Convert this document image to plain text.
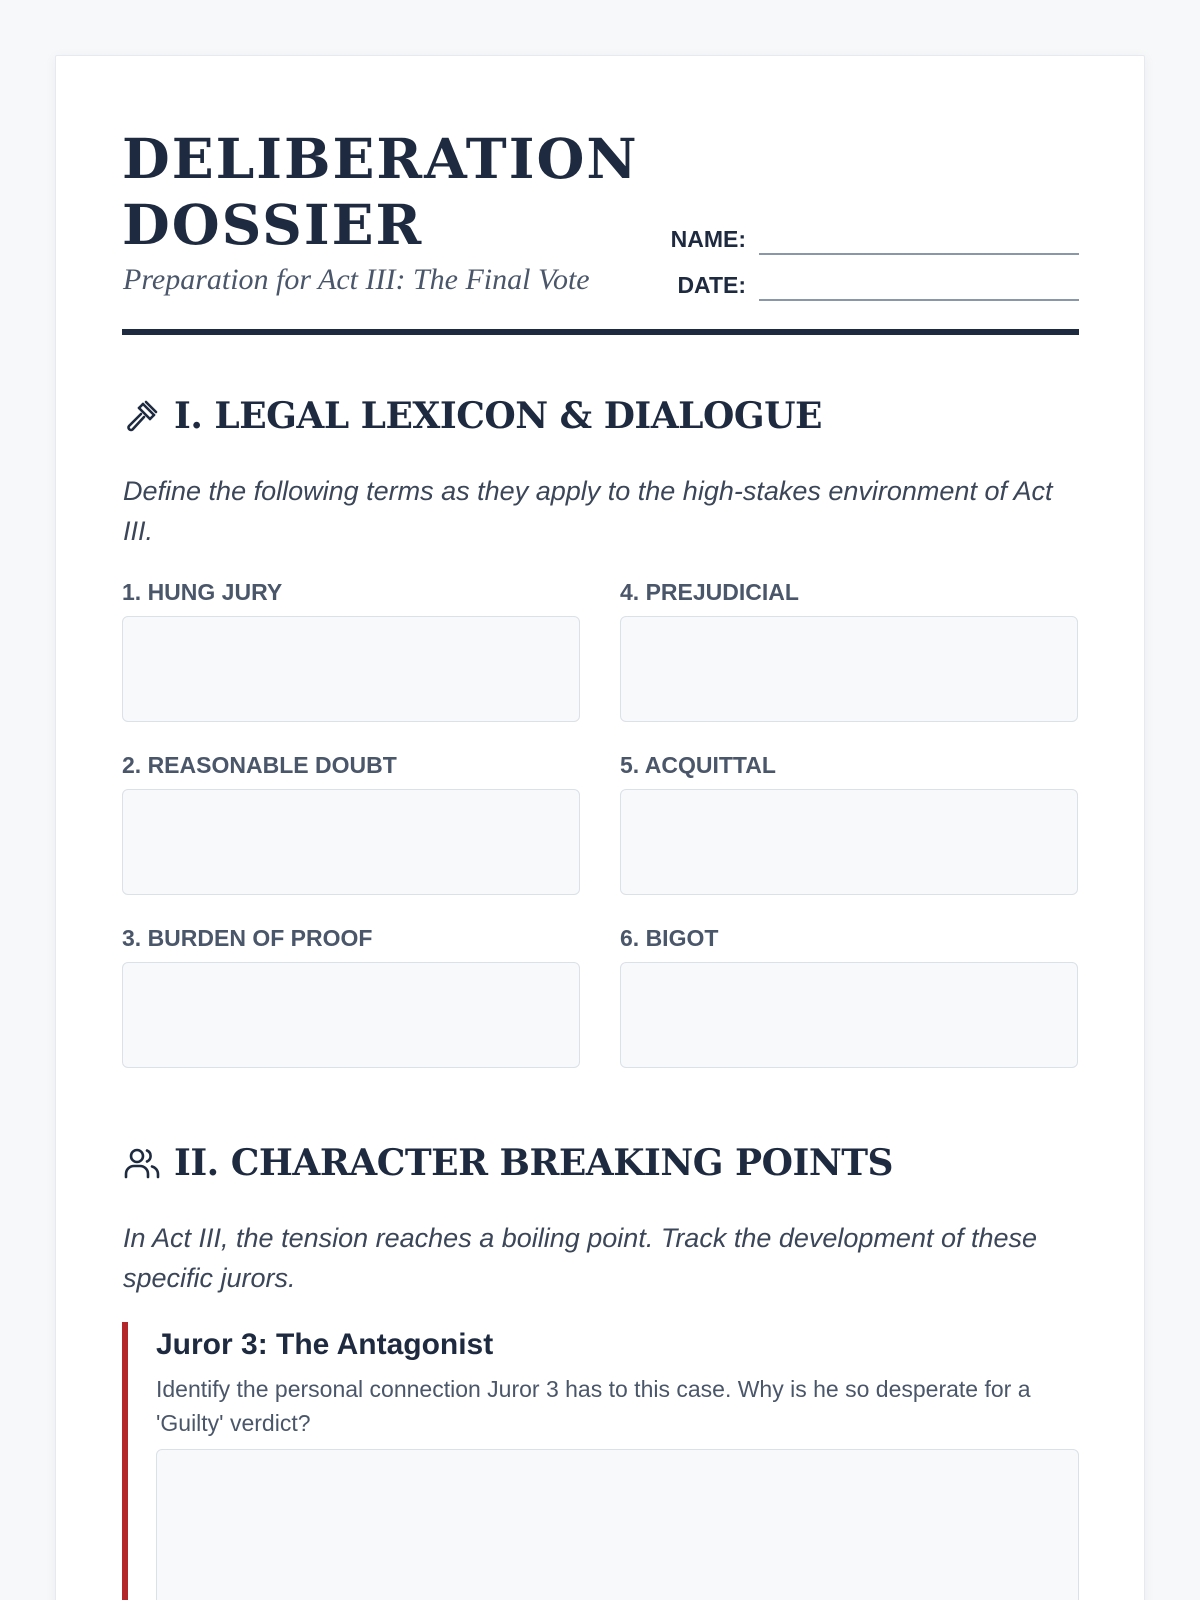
DELIBERATION
DOSSIER
Preparation for Act III: The Final Vote
NAME:
DATE:
I. LEGAL LEXICON & DIALOGUE

Define the following terms as they apply to the high-stakes environment of Act III.

1. HUNG JURY
2. REASONABLE DOUBT
3. BURDEN OF PROOF
4. PREJUDICIAL
5. ACQUITTAL
6. BIGOT
II. CHARACTER BREAKING POINTS

In Act III, the tension reaches a boiling point. Track the development of these specific jurors.

Juror 3: The Antagonist

Identify the personal connection Juror 3 has to this case. Why is he so desperate for a 'Guilty' verdict?
